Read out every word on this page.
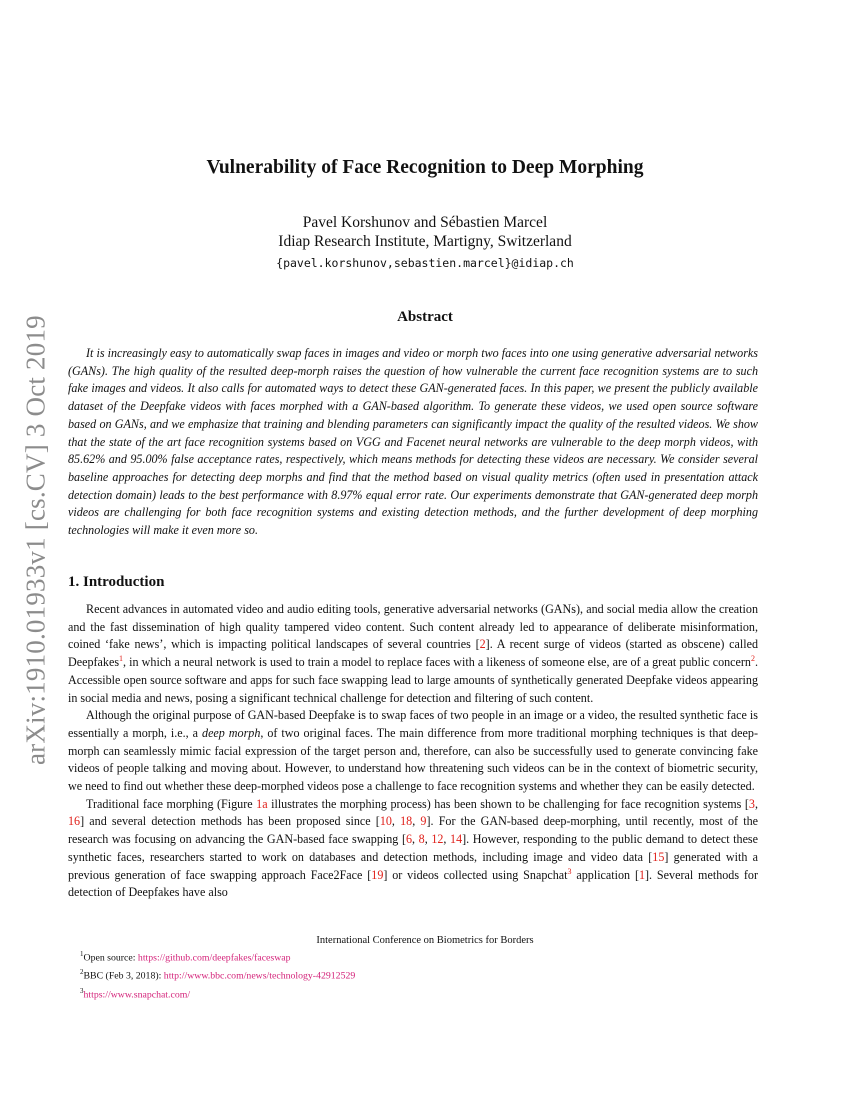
arXiv:1910.01933v1 [cs.CV] 3 Oct 2019
Vulnerability of Face Recognition to Deep Morphing
Pavel Korshunov and Sébastien Marcel
Idiap Research Institute, Martigny, Switzerland
{pavel.korshunov,sebastien.marcel}@idiap.ch
Abstract

It is increasingly easy to automatically swap faces in images and video or morph two faces into one using generative adversarial networks (GANs). The high quality of the resulted deep-morph raises the question of how vulnerable the current face recognition systems are to such fake images and videos. It also calls for automated ways to detect these GAN-generated faces. In this paper, we present the publicly available dataset of the Deepfake videos with faces morphed with a GAN-based algorithm. To generate these videos, we used open source software based on GANs, and we emphasize that training and blending parameters can significantly impact the quality of the resulted videos. We show that the state of the art face recognition systems based on VGG and Facenet neural networks are vulnerable to the deep morph videos, with 85.62% and 95.00% false acceptance rates, respectively, which means methods for detecting these videos are necessary. We consider several baseline approaches for detecting deep morphs and find that the method based on visual quality metrics (often used in presentation attack detection domain) leads to the best performance with 8.97% equal error rate. Our experiments demonstrate that GAN-generated deep morph videos are challenging for both face recognition systems and existing detection methods, and the further development of deep morphing technologies will make it even more so.

1. Introduction

Recent advances in automated video and audio editing tools, generative adversarial networks (GANs), and social media allow the creation and the fast dissemination of high quality tampered video content. Such content already led to appearance of deliberate misinformation, coined ‘fake news’, which is impacting political landscapes of several countries [2]. A recent surge of videos (started as obscene) called Deepfakes$^1$, in which a neural network is used to train a model to replace faces with a likeness of someone else, are of a great public concern$^2$. Accessible open source software and apps for such face swapping lead to large amounts of synthetically generated Deepfake videos appearing in social media and news, posing a significant technical challenge for detection and filtering of such content.

Although the original purpose of GAN-based Deepfake is to swap faces of two people in an image or a video, the resulted synthetic face is essentially a morph, i.e., a deep morph, of two original faces. The main difference from more traditional morphing techniques is that deep-morph can seamlessly mimic facial expression of the target person and, therefore, can also be successfully used to generate convincing fake videos of people talking and moving about. However, to understand how threatening such videos can be in the context of biometric security, we need to find out whether these deep-morphed videos pose a challenge to face recognition systems and whether they can be easily detected.

Traditional face morphing (Figure 1a illustrates the morphing process) has been shown to be challenging for face recognition systems [3, 16] and several detection methods has been proposed since [10, 18, 9]. For the GAN-based deep-morphing, until recently, most of the research was focusing on advancing the GAN-based face swapping [6, 8, 12, 14]. However, responding to the public demand to detect these synthetic faces, researchers started to work on databases and detection methods, including image and video data [15] generated with a previous generation of face swapping approach Face2Face [19] or videos collected using Snapchat$^3$ application [1]. Several methods for detection of Deepfakes have also

International Conference on Biometrics for Borders
$^1$Open source: https://github.com/deepfakes/faceswap
$^2$BBC (Feb 3, 2018): http://www.bbc.com/news/technology-42912529
$^3$https://www.snapchat.com/
